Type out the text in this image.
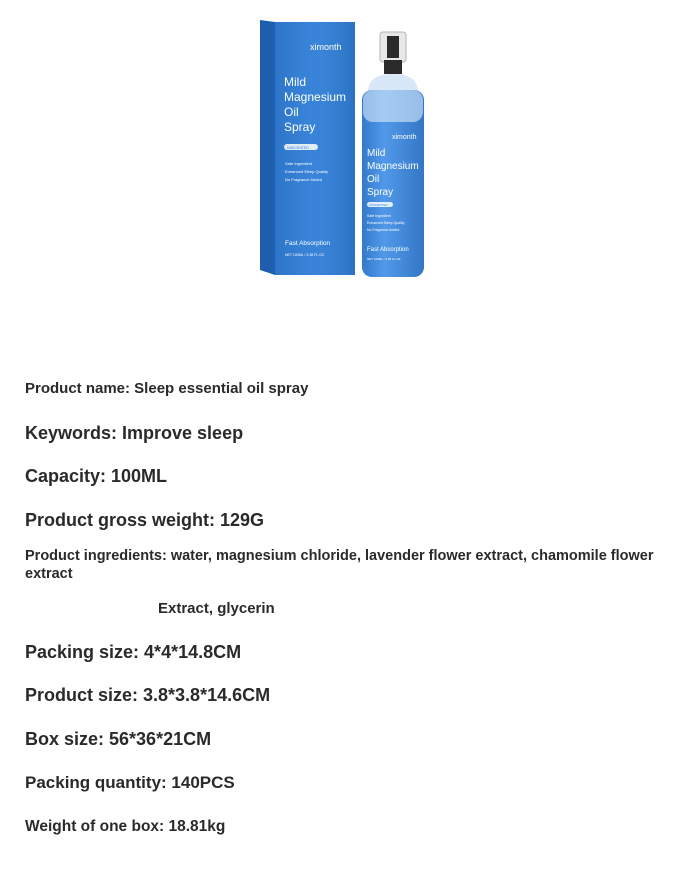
ximonth
Mild
Magnesium
Oil
Spray
UNSCENTED
Safe Ingredient
Enhanced Sleep Quality
No Fragrance Added
Fast Absorption
NET 100ML / 3.38 FL.OZ
ximonth
Mild
Magnesium
Oil
Spray
UNSCENTED
Safe Ingredient
Enhanced Sleep Quality
No Fragrance Added
Fast Absorption
NET 100ML / 3.38 FL.OZ
Product name: Sleep essential oil spray
Keywords: Improve sleep
Capacity: 100ML
Product gross weight: 129G
Product ingredients: water, magnesium chloride, lavender flower extract, chamomile flower extract
Extract, glycerin
Packing size: 4*4*14.8CM
Product size: 3.8*3.8*14.6CM
Box size: 56*36*21CM
Packing quantity: 140PCS
Weight of one box: 18.81kg
